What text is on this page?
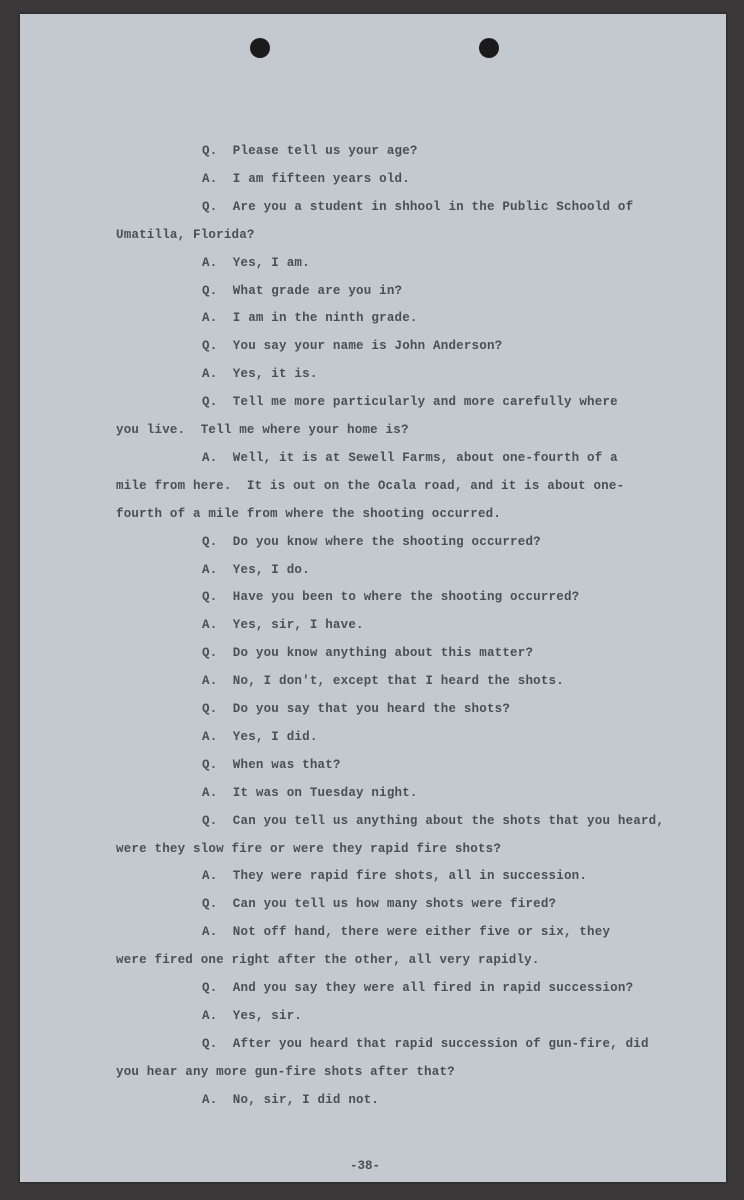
Q.  Please tell us your age?
A.  I am fifteen years old.
Q.  Are you a student in shhool in the Public Schoold of
Umatilla, Florida?
A.  Yes, I am.
Q.  What grade are you in?
A.  I am in the ninth grade.
Q.  You say your name is John Anderson?
A.  Yes, it is.
Q.  Tell me more particularly and more carefully where
you live.  Tell me where your home is?
A.  Well, it is at Sewell Farms, about one-fourth of a
mile from here.  It is out on the Ocala road, and it is about one-
fourth of a mile from where the shooting occurred.
Q.  Do you know where the shooting occurred?
A.  Yes, I do.
Q.  Have you been to where the shooting occurred?
A.  Yes, sir, I have.
Q.  Do you know anything about this matter?
A.  No, I don't, except that I heard the shots.
Q.  Do you say that you heard the shots?
A.  Yes, I did.
Q.  When was that?
A.  It was on Tuesday night.
Q.  Can you tell us anything about the shots that you heard,
were they slow fire or were they rapid fire shots?
A.  They were rapid fire shots, all in succession.
Q.  Can you tell us how many shots were fired?
A.  Not off hand, there were either five or six, they
were fired one right after the other, all very rapidly.
Q.  And you say they were all fired in rapid succession?
A.  Yes, sir.
Q.  After you heard that rapid succession of gun-fire, did
you hear any more gun-fire shots after that?
A.  No, sir, I did not.
-38-
